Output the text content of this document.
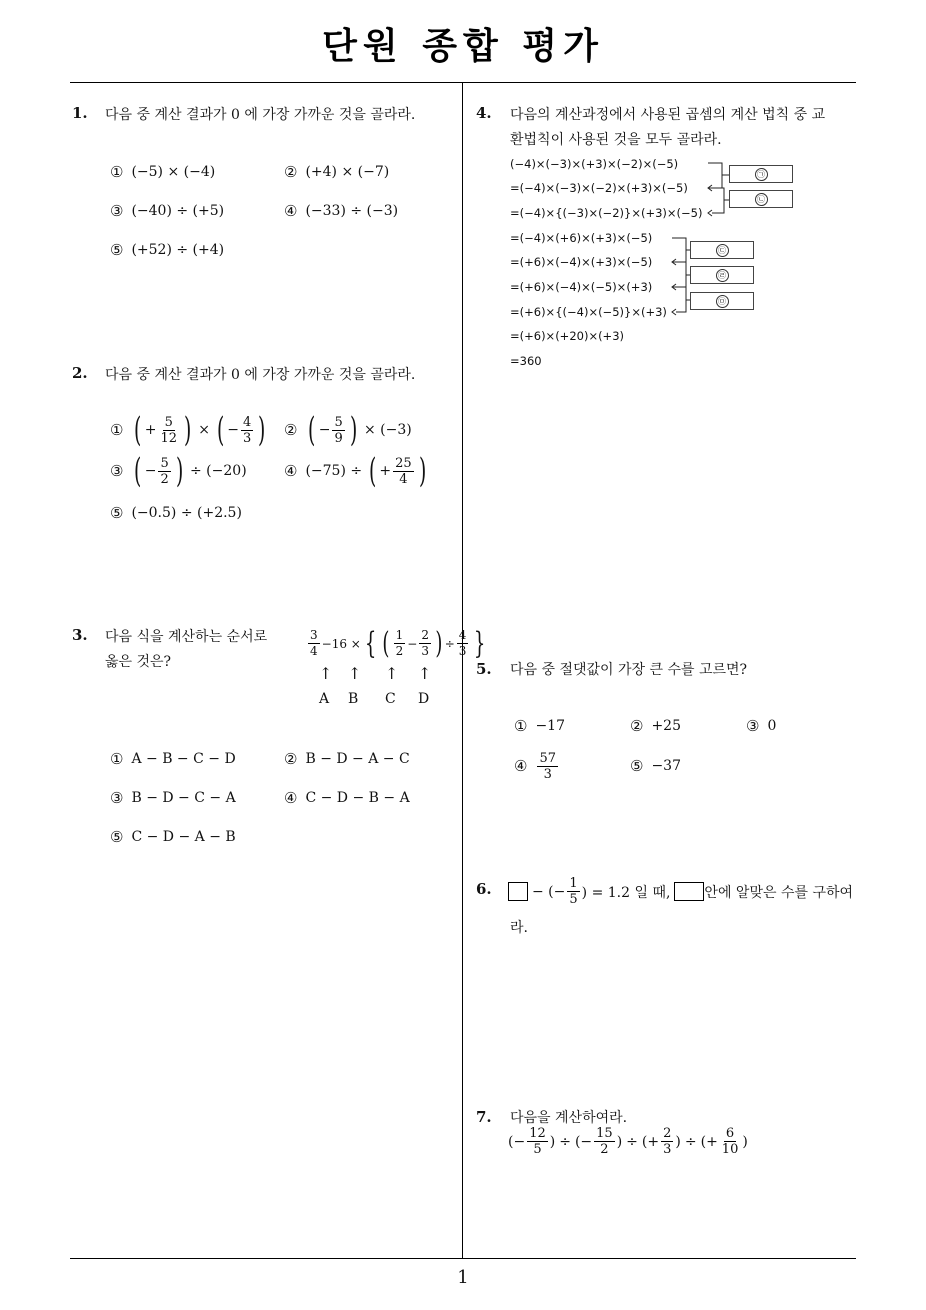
단원 종합 평가
1
1. 다음 중 계산 결과가 0 에 가장 가까운 것을 골라라.
① (−5) × (−4)	② (+4) × (−7)
③ (−40) ÷ (+5)	④ (−33) ÷ (−3)
⑤ (+52) ÷ (+4)
2. 다음 중 계산 결과가 0 에 가장 가까운 것을 골라라.
① ( + $\frac{5}{12}$ ) × ( − $\frac{4}{3}$ ) ② ( − $\frac{5}{9}$ ) × (−3)
③ ( − $\frac{5}{2}$ ) ÷ (−20) ④ (−75) ÷ ( + $\frac{25}{4}$ )
⑤ (−0.5) ÷ (+2.5)
3. 다음 식을 계산하는 순서로
옳은 것은?
$\frac{3}{4} -16$ × { ( $\frac{1}{2} - \frac{2}{3}$ ) ÷ $\frac{4}{3}$ }
↑ ↑ ↑ ↑
A B C D
① A − B − C − D	② B − D − A − C
③ B − D − C − A	④ C − D − B − A
⑤ C − D − A − B
4. 다음의 계산과정에서 사용된 곱셈의 계산 법칙 중 교
환법칙이 사용된 것을 모두 골라라.
(−4)×(−3)×(+3)×(−2)×(−5)
=(−4)×(−3)×(−2)×(+3)×(−5)
=(−4)×{(−3)×(−2)}×(+3)×(−5)
=(−4)×(+6)×(+3)×(−5)
=(+6)×(−4)×(+3)×(−5)
=(+6)×(−4)×(−5)×(+3)
=(+6)×{(−4)×(−5)}×(+3)
=(+6)×(+20)×(+3)
=360
㉠
㉡
㉢
㉣
㉤
5. 다음 중 절댓값이 가장 큰 수를 고르면?
① −17	② +25	③ 0
④ $\frac{57}{3}$	⑤ −37
6.	− (− $\frac{1}{5}$ ) = 1.2 일 때, 안에 알맞은 수를 구하여
라.
7. 다음을 계산하여라.
( − $\frac{12}{5}$ ) ÷ ( − $\frac{15}{2}$ ) ÷ ( + $\frac{2}{3}$ ) ÷ ( + $\frac{6}{10}$ )
